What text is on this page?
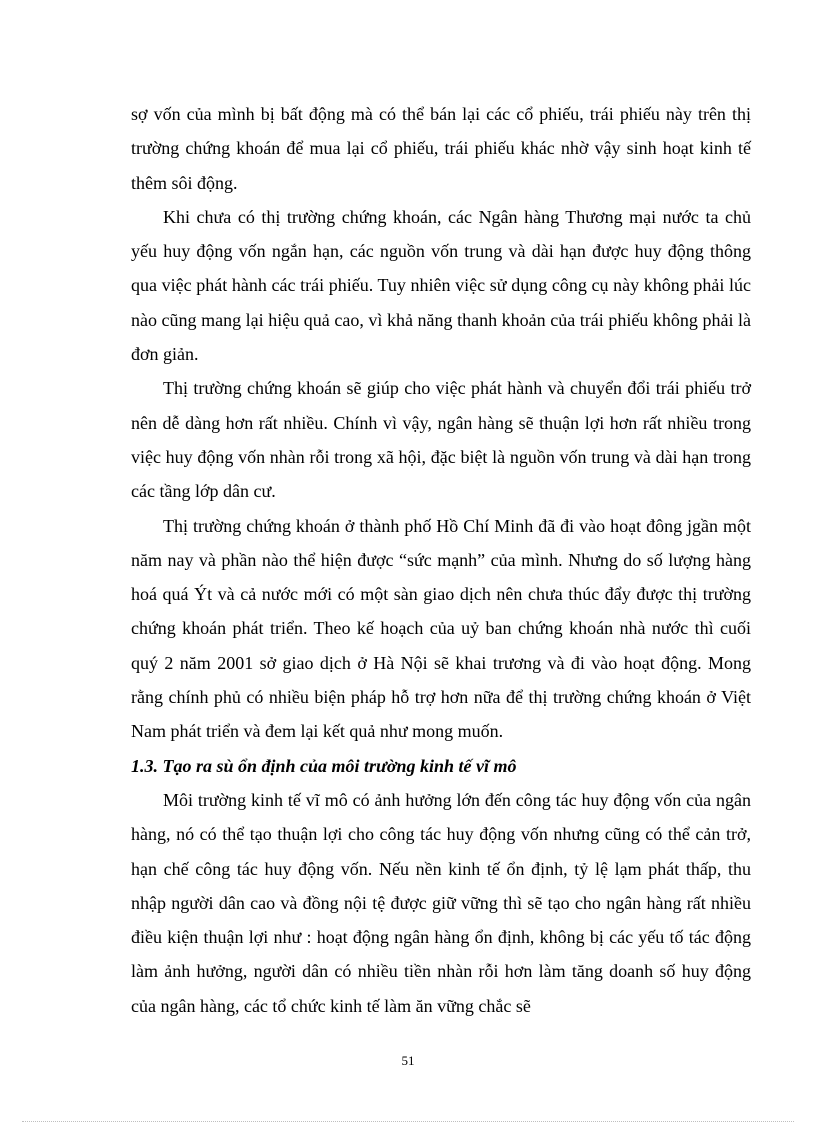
sợ vốn của mình bị bất động mà có thể bán lại các cổ phiếu, trái phiếu này trên thị trường chứng khoán để mua lại cổ phiếu, trái phiếu khác nhờ vậy sinh hoạt kinh tế thêm sôi động.

Khi chưa có thị trường chứng khoán, các Ngân hàng Thương mại nước ta chủ yếu huy động vốn ngắn hạn, các nguồn vốn trung và dài hạn được huy động thông qua việc phát hành các trái phiếu. Tuy nhiên việc sử dụng công cụ này không phải lúc nào cũng mang lại hiệu quả cao, vì khả năng thanh khoản của trái phiếu không phải là đơn giản.

Thị trường chứng khoán sẽ giúp cho việc phát hành và chuyển đổi trái phiếu trở nên dễ dàng hơn rất nhiều. Chính vì vậy, ngân hàng sẽ thuận lợi hơn rất nhiều trong việc huy động vốn nhàn rỗi trong xã hội, đặc biệt là nguồn vốn trung và dài hạn trong các tầng lớp dân cư.

Thị trường chứng khoán ở thành phố Hồ Chí Minh đã đi vào hoạt đông jgần một năm nay và phần nào thể hiện được “sức mạnh” của mình. Nhưng do số lượng hàng hoá quá Ýt và cả nước mới có một sàn giao dịch nên chưa thúc đẩy được thị trường chứng khoán phát triển. Theo kế hoạch của uỷ ban chứng khoán nhà nước thì cuối quý 2 năm 2001 sở giao dịch ở Hà Nội sẽ khai trương và đi vào hoạt động. Mong rằng chính phủ có nhiều biện pháp hỗ trợ hơn nữa để thị trường chứng khoán ở Việt Nam phát triển và đem lại kết quả như mong muốn.

1.3. Tạo ra sù ổn định của môi trường kinh tế vĩ mô

Môi trường kinh tế vĩ mô có ảnh hưởng lớn đến công tác huy động vốn của ngân hàng, nó có thể tạo thuận lợi cho công tác huy động vốn nhưng cũng có thể cản trở, hạn chế công tác huy động vốn. Nếu nền kinh tế ổn định, tỷ lệ lạm phát thấp, thu nhập người dân cao và đồng nội tệ được giữ vững thì sẽ tạo cho ngân hàng rất nhiều điều kiện thuận lợi như : hoạt động ngân hàng ổn định, không bị các yếu tố tác động làm ảnh hưởng, người dân có nhiều tiền nhàn rỗi hơn làm tăng doanh số huy động của ngân hàng, các tổ chức kinh tế làm ăn vững chắc sẽ

51
